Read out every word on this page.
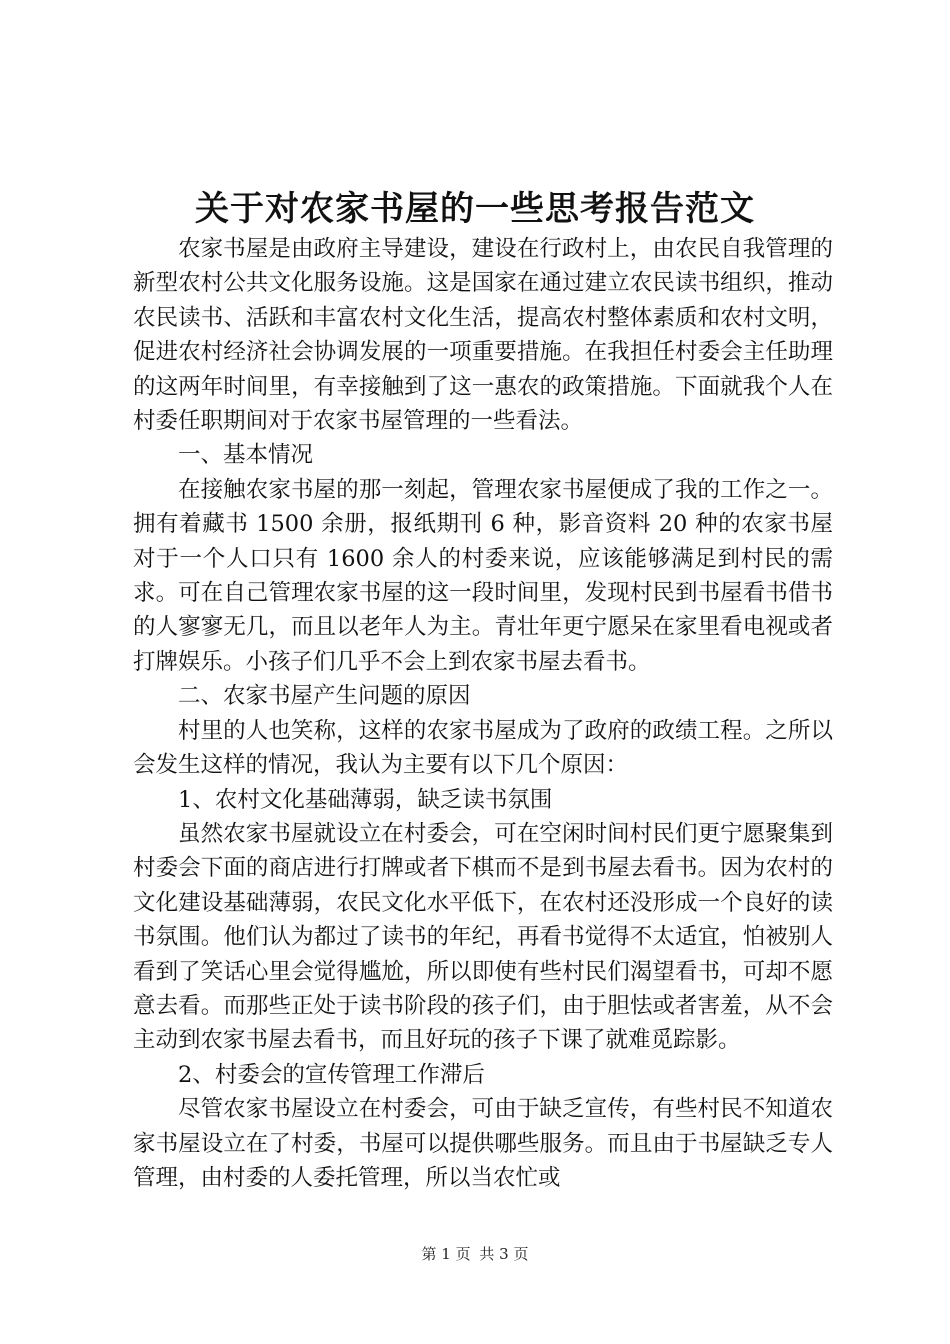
关于对农家书屋的一些思考报告范文

农家书屋是由政府主导建设，建设在行政村上，由农民自我管理的新型农村公共文化服务设施。这是国家在通过建立农民读书组织，推动农民读书、活跃和丰富农村文化生活，提高农村整体素质和农村文明，促进农村经济社会协调发展的一项重要措施。在我担任村委会主任助理的这两年时间里，有幸接触到了这一惠农的政策措施。下面就我个人在村委任职期间对于农家书屋管理的一些看法。

一、基本情况

在接触农家书屋的那一刻起，管理农家书屋便成了我的工作之一。拥有着藏书 1500 余册，报纸期刊 6 种，影音资料 20 种的农家书屋对于一个人口只有 1600 余人的村委来说，应该能够满足到村民的需求。可在自己管理农家书屋的这一段时间里，发现村民到书屋看书借书的人寥寥无几，而且以老年人为主。青壮年更宁愿呆在家里看电视或者打牌娱乐。小孩子们几乎不会上到农家书屋去看书。

二、农家书屋产生问题的原因

村里的人也笑称，这样的农家书屋成为了政府的政绩工程。之所以会发生这样的情况，我认为主要有以下几个原因：

1、农村文化基础薄弱，缺乏读书氛围

虽然农家书屋就设立在村委会，可在空闲时间村民们更宁愿聚集到村委会下面的商店进行打牌或者下棋而不是到书屋去看书。因为农村的文化建设基础薄弱，农民文化水平低下，在农村还没形成一个良好的读书氛围。他们认为都过了读书的年纪，再看书觉得不太适宜，怕被别人看到了笑话心里会觉得尴尬，所以即使有些村民们渴望看书，可却不愿意去看。而那些正处于读书阶段的孩子们，由于胆怯或者害羞，从不会主动到农家书屋去看书，而且好玩的孩子下课了就难觅踪影。

2、村委会的宣传管理工作滞后

尽管农家书屋设立在村委会，可由于缺乏宣传，有些村民不知道农家书屋设立在了村委，书屋可以提供哪些服务。而且由于书屋缺乏专人管理，由村委的人委托管理，所以当农忙或

第 1 页 共 3 页
